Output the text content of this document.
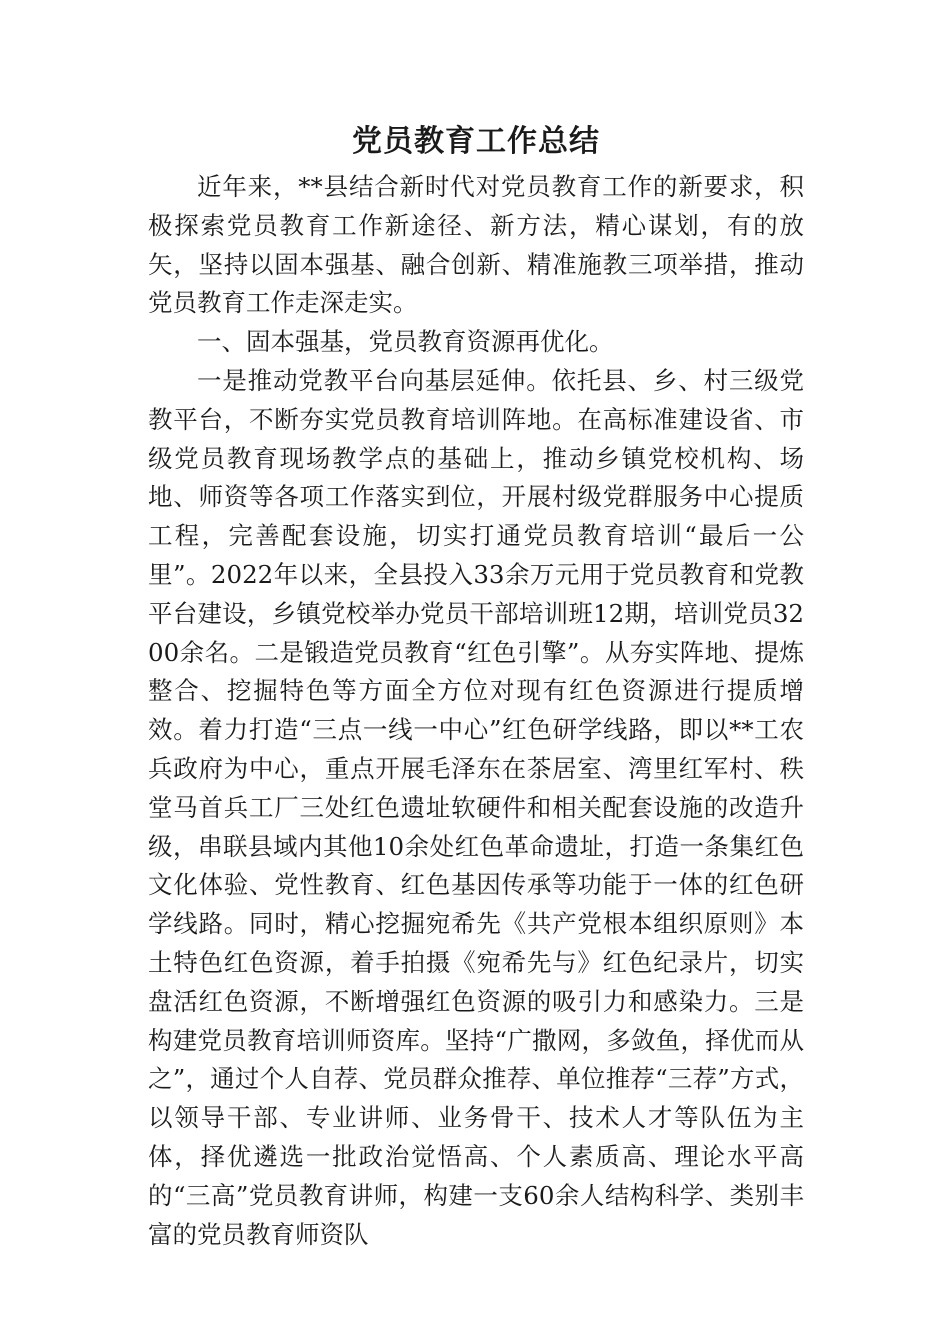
党员教育工作总结

近年来，**县结合新时代对党员教育工作的新要求，积极探索党员教育工作新途径、新方法，精心谋划，有的放矢，坚持以固本强基、融合创新、精准施教三项举措，推动党员教育工作走深走实。

一、固本强基，党员教育资源再优化。

一是推动党教平台向基层延伸。依托县、乡、村三级党教平台，不断夯实党员教育培训阵地。在高标准建设省、市级党员教育现场教学点的基础上，推动乡镇党校机构、场地、师资等各项工作落实到位，开展村级党群服务中心提质工程，完善配套设施，切实打通党员教育培训“最后一公里”。2022年以来，全县投入33余万元用于党员教育和党教平台建设，乡镇党校举办党员干部培训班12期，培训党员3200余名。二是锻造党员教育“红色引擎”。从夯实阵地、提炼整合、挖掘特色等方面全方位对现有红色资源进行提质增效。着力打造“三点一线一中心”红色研学线路，即以**工农兵政府为中心，重点开展毛泽东在茶居室、湾里红军村、秩堂马首兵工厂三处红色遗址软硬件和相关配套设施的改造升级，串联县域内其他10余处红色革命遗址，打造一条集红色文化体验、党性教育、红色基因传承等功能于一体的红色研学线路。同时，精心挖掘宛希先《共产党根本组织原则》本土特色红色资源，着手拍摄《宛希先与》红色纪录片，切实盘活红色资源，不断增强红色资源的吸引力和感染力。三是构建党员教育培训师资库。坚持“广撒网，多敛鱼，择优而从之”，通过个人自荐、党员群众推荐、单位推荐“三荐”方式，以领导干部、专业讲师、业务骨干、技术人才等队伍为主体，择优遴选一批政治觉悟高、个人素质高、理论水平高的“三高”党员教育讲师，构建一支60余人结构科学、类别丰富的党员教育师资队
